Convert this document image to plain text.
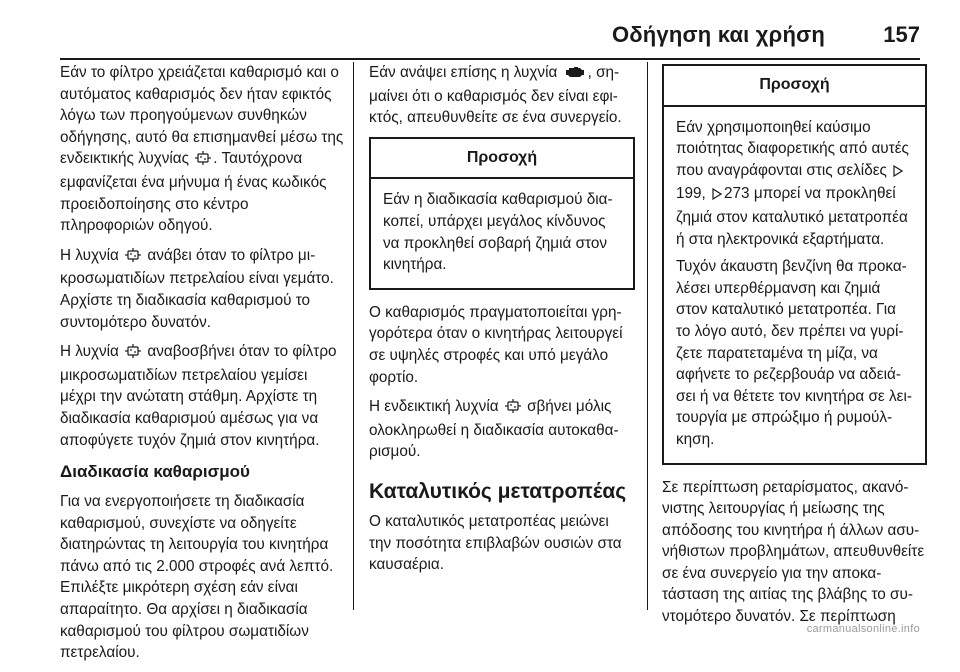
Οδήγηση και χρήση	157

Εάν το φίλτρο χρειάζεται καθαρισμό και ο αυτόματος καθαρισμός δεν ήταν εφικτός λόγω των προηγούμενων συνθηκών οδήγησης, αυτό θα επισημανθεί μέσω της ενδεικτικής λυχνίας . Ταυτόχρονα εμφανίζεται ένα μήνυμα ή ένας κωδικός προειδοποίησης στο κέντρο πληροφοριών οδηγού.

Η λυχνία ανάβει όταν το φίλτρο μικροσωματιδίων πετρελαίου είναι γεμάτο. Αρχίστε τη διαδικασία καθαρισμού το συντομότερο δυνατόν.

Η λυχνία αναβοσβήνει όταν το φίλτρο μικροσωματιδίων πετρελαίου γεμίσει μέχρι την ανώτατη στάθμη. Αρχίστε τη διαδικασία καθαρισμού αμέσως για να αποφύγετε τυχόν ζημιά στον κινητήρα.

Διαδικασία καθαρισμού

Για να ενεργοποιήσετε τη διαδικασία καθαρισμού, συνεχίστε να οδηγείτε διατηρώντας τη λειτουργία του κινητήρα πάνω από τις 2.000 στροφές ανά λεπτό. Επιλέξτε μικρότερη σχέση εάν είναι απαραίτητο. Θα αρχίσει η διαδικασία καθαρισμού του φίλτρου σωματιδίων πετρελαίου.

Εάν ανάψει επίσης η λυχνία , σημαίνει ότι ο καθαρισμός δεν είναι εφικτός, απευθυνθείτε σε ένα συνεργείο.

Προσοχή

Εάν η διαδικασία καθαρισμού διακοπεί, υπάρχει μεγάλος κίνδυνος να προκληθεί σοβαρή ζημιά στον κινητήρα.

Ο καθαρισμός πραγματοποιείται γρηγορότερα όταν ο κινητήρας λειτουργεί σε υψηλές στροφές και υπό μεγάλο φορτίο.

Η ενδεικτική λυχνία σβήνει μόλις ολοκληρωθεί η διαδικασία αυτοκαθαρισμού.

Καταλυτικός μετατροπέας

Ο καταλυτικός μετατροπέας μειώνει την ποσότητα επιβλαβών ουσιών στα καυσαέρια.

Προσοχή

Εάν χρησιμοποιηθεί καύσιμο ποιότητας διαφορετικής από αυτές που αναγράφονται στις σελίδες 199, 273 μπορεί να προκληθεί ζημιά στον καταλυτικό μετατροπέα ή στα ηλεκτρονικά εξαρτήματα.

Τυχόν άκαυστη βενζίνη θα προκαλέσει υπερθέρμανση και ζημιά στον καταλυτικό μετατροπέα. Για το λόγο αυτό, δεν πρέπει να γυρίζετε παρατεταμένα τη μίζα, να αφήνετε το ρεζερβουάρ να αδειάσει ή να θέτετε τον κινητήρα σε λειτουργία με σπρώξιμο ή ρυμούλκηση.

Σε περίπτωση ρεταρίσματος, ακανόνιστης λειτουργίας ή μείωσης της απόδοσης του κινητήρα ή άλλων ασυνήθιστων προβλημάτων, απευθυνθείτε σε ένα συνεργείο για την αποκατάσταση της αιτίας της βλάβης το συντομότερο δυνατόν. Σε περίπτωση

carmanualsonline.info
